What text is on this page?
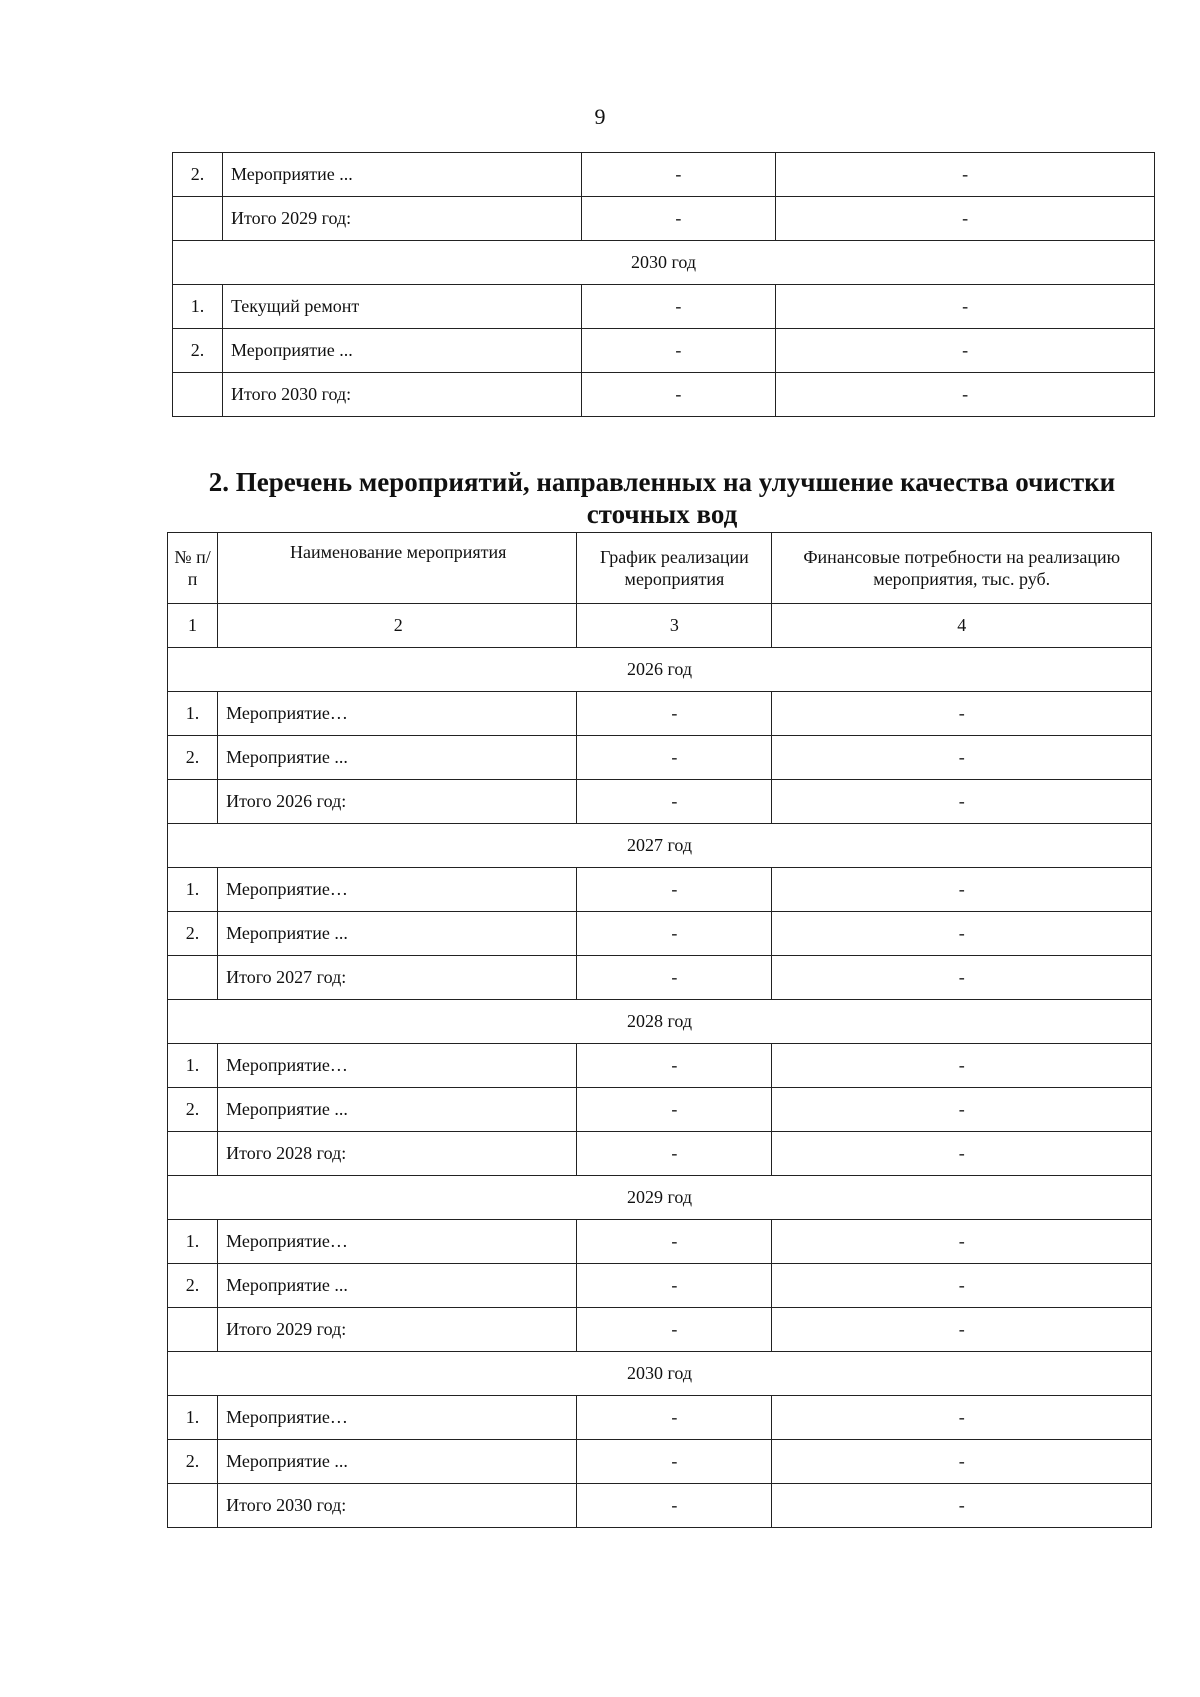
9
2.	Мероприятие ...	-	-
	Итого 2029 год:	-	-
2030 год			
1.	Текущий ремонт	-	-
2.	Мероприятие ...	-	-
	Итого 2030 год:	-	-
2. Перечень мероприятий, направленных на улучшение качества очистки
сточных вод
№ п/п	Наименование мероприятия	График реализации мероприятия	Финансовые потребности на реализацию мероприятия, тыс. руб.
1	2	3	4
2026 год			
1.	Мероприятие…	-	-
2.	Мероприятие ...	-	-
	Итого 2026 год:	-	-
2027 год			
1.	Мероприятие…	-	-
2.	Мероприятие ...	-	-
	Итого 2027 год:	-	-
2028 год			
1.	Мероприятие…	-	-
2.	Мероприятие ...	-	-
	Итого 2028 год:	-	-
2029 год			
1.	Мероприятие…	-	-
2.	Мероприятие ...	-	-
	Итого 2029 год:	-	-
2030 год			
1.	Мероприятие…	-	-
2.	Мероприятие ...	-	-
	Итого 2030 год:	-	-
